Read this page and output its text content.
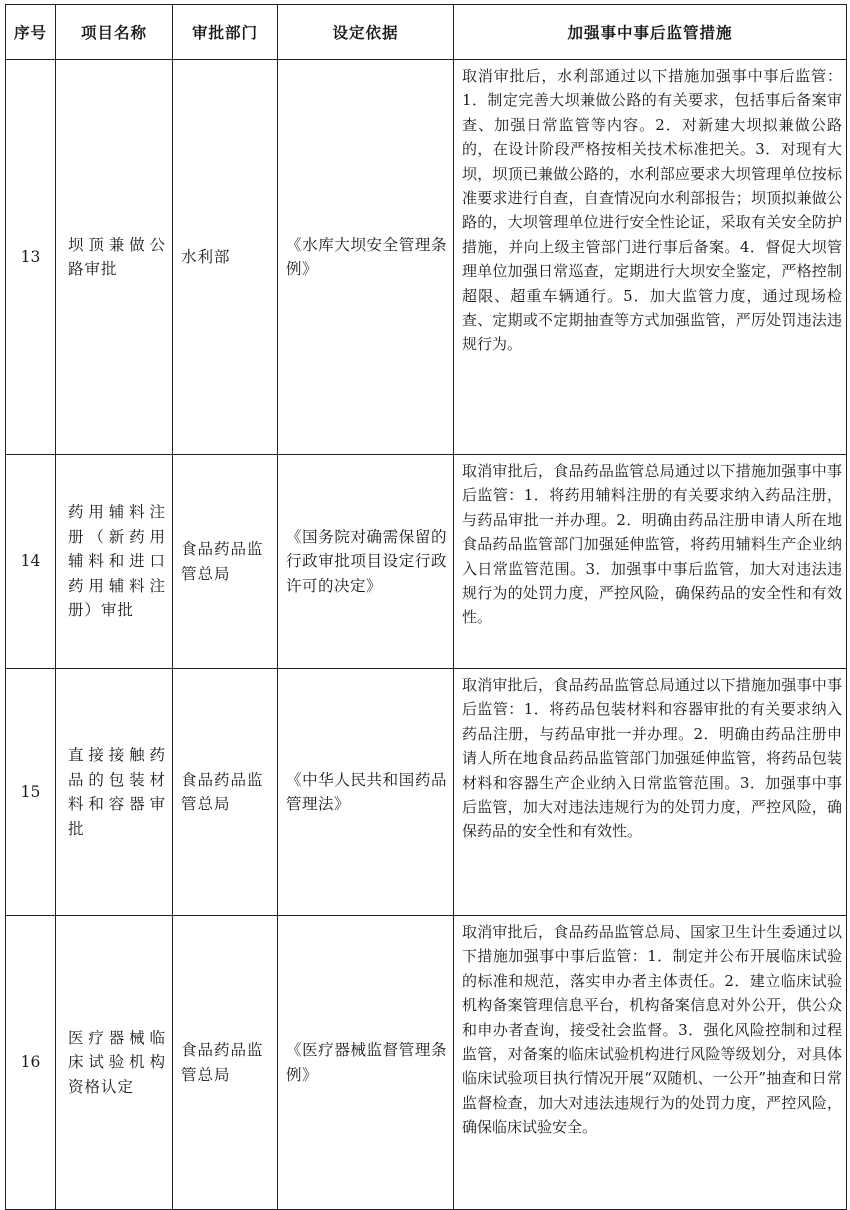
序号	项目名称	审批部门	设定依据	加强事中事后监管措施
13	坝顶兼做公路审批	水利部	《水库大坝安全管理条例》	取消审批后，水利部通过以下措施加强事中事后监管：1．制定完善大坝兼做公路的有关要求，包括事后备案审查、加强日常监管等内容。2．对新建大坝拟兼做公路的，在设计阶段严格按相关技术标准把关。3．对现有大坝，坝顶已兼做公路的，水利部应要求大坝管理单位按标准要求进行自查，自查情况向水利部报告；坝顶拟兼做公路的，大坝管理单位进行安全性论证，采取有关安全防护措施，并向上级主管部门进行事后备案。4．督促大坝管理单位加强日常巡查，定期进行大坝安全鉴定，严格控制超限、超重车辆通行。5．加大监管力度，通过现场检查、定期或不定期抽查等方式加强监管，严厉处罚违法违规行为。
14	药用辅料注册（新药用辅料和进口药用辅料注册）审批	食品药品监管总局	《国务院对确需保留的行政审批项目设定行政许可的决定》	取消审批后，食品药品监管总局通过以下措施加强事中事后监管：1．将药用辅料注册的有关要求纳入药品注册，与药品审批一并办理。2．明确由药品注册申请人所在地食品药品监管部门加强延伸监管，将药用辅料生产企业纳入日常监管范围。3．加强事中事后监管，加大对违法违规行为的处罚力度，严控风险，确保药品的安全性和有效性。
15	直接接触药品的包装材料和容器审批	食品药品监管总局	《中华人民共和国药品管理法》	取消审批后，食品药品监管总局通过以下措施加强事中事后监管：1．将药品包装材料和容器审批的有关要求纳入药品注册，与药品审批一并办理。2．明确由药品注册申请人所在地食品药品监管部门加强延伸监管，将药品包装材料和容器生产企业纳入日常监管范围。3．加强事中事后监管，加大对违法违规行为的处罚力度，严控风险，确保药品的安全性和有效性。
16	医疗器械临床试验机构资格认定	食品药品监管总局	《医疗器械监督管理条例》	取消审批后，食品药品监管总局、国家卫生计生委通过以下措施加强事中事后监管：1．制定并公布开展临床试验的标准和规范，落实申办者主体责任。2．建立临床试验机构备案管理信息平台，机构备案信息对外公开，供公众和申办者查询，接受社会监督。3．强化风险控制和过程监管，对备案的临床试验机构进行风险等级划分，对具体临床试验项目执行情况开展“双随机、一公开”抽查和日常监督检查，加大对违法违规行为的处罚力度，严控风险，确保临床试验安全。
